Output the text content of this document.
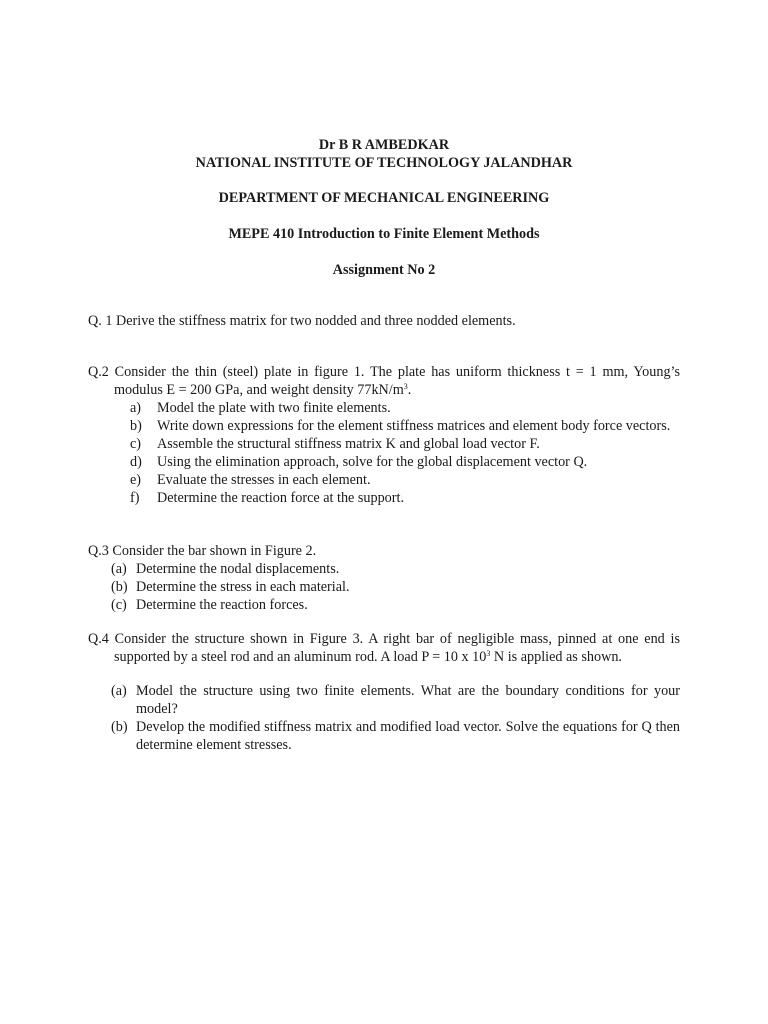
Dr B R AMBEDKAR
NATIONAL INSTITUTE OF TECHNOLOGY JALANDHAR
DEPARTMENT OF MECHANICAL ENGINEERING
MEPE 410 Introduction to Finite Element Methods
Assignment No 2
Q. 1 Derive the stiffness matrix for two nodded and three nodded elements.
Q.2 Consider the thin (steel) plate in figure 1. The plate has uniform thickness t = 1 mm, Young’s modulus E = 200 GPa, and weight density $77kN/m^3$.
a)	Model the plate with two finite elements.
b)	Write down expressions for the element stiffness matrices and element body force vectors.
c)	Assemble the structural stiffness matrix K and global load vector F.
d)	Using the elimination approach, solve for the global displacement vector Q.
e)	Evaluate the stresses in each element.
f)	Determine the reaction force at the support.
Q.3 Consider the bar shown in Figure 2.
(a) Determine the nodal displacements.
(b) Determine the stress in each material.
(c) Determine the reaction forces.
Q.4 Consider the structure shown in Figure 3. A right bar of negligible mass, pinned at one end is supported by a steel rod and an aluminum rod. A load P = 10 x $10^3$ N is applied as shown.
(a) Model the structure using two finite elements. What are the boundary conditions for your model?
(b) Develop the modified stiffness matrix and modified load vector. Solve the equations for Q then determine element stresses.
